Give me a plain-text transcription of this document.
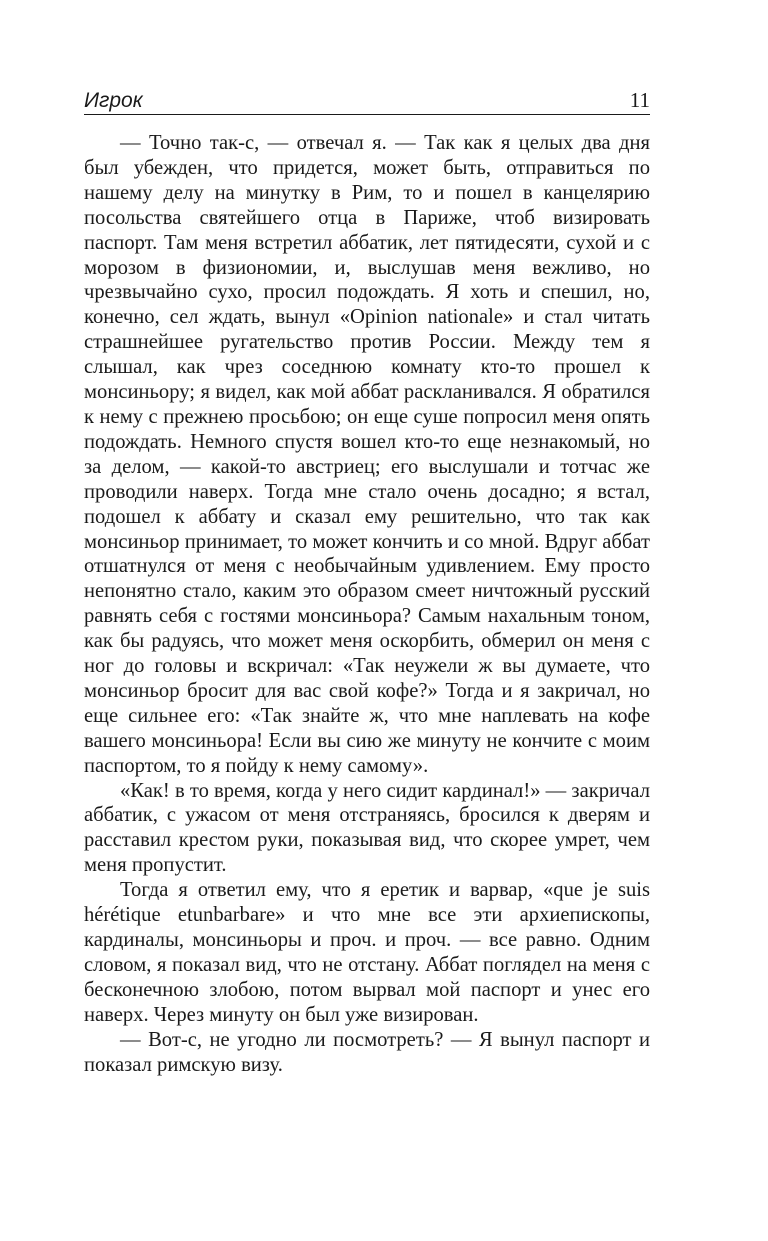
Игрок	11

— Точно так-с, — отвечал я. — Так как я целых два дня был убежден, что придется, может быть, отправиться по нашему делу на минутку в Рим, то и пошел в канцелярию посольства святейшего отца в Париже, чтоб визировать паспорт. Там меня встретил аббатик, лет пятидесяти, сухой и с морозом в физиономии, и, выслушав меня вежливо, но чрезвычайно сухо, просил подождать. Я хоть и спешил, но, конечно, сел ждать, вынул «Opinion nationale» и стал читать страшнейшее ругательство против России. Между тем я слышал, как чрез соседнюю комнату кто-то прошел к монсиньору; я видел, как мой аббат раскланивался. Я обратился к нему с прежнею просьбою; он еще суше попросил меня опять подождать. Немного спустя вошел кто-то еще незнакомый, но за делом, — какой-то австриец; его выслушали и тотчас же проводили наверх. Тогда мне стало очень досадно; я встал, подошел к аббату и сказал ему решительно, что так как монсиньор принимает, то может кончить и со мной. Вдруг аббат отшатнулся от меня с необычайным удивлением. Ему просто непонятно стало, каким это образом смеет ничтожный русский равнять себя с гостями монсиньора? Самым нахальным тоном, как бы радуясь, что может меня оскорбить, обмерил он меня с ног до головы и вскричал: «Так неужели ж вы думаете, что монсиньор бросит для вас свой кофе?» Тогда и я закричал, но еще сильнее его: «Так знайте ж, что мне наплевать на кофе вашего монсиньора! Если вы сию же минуту не кончите с моим паспортом, то я пойду к нему самому».

«Как! в то время, когда у него сидит кардинал!» — закричал аббатик, с ужасом от меня отстраняясь, бросился к дверям и расставил крестом руки, показывая вид, что скорее умрет, чем меня пропустит.

Тогда я ответил ему, что я еретик и варвар, «que je suis hérétique etunbarbare» и что мне все эти архиепископы, кардиналы, монсиньоры и проч. и проч. — все равно. Одним словом, я показал вид, что не отстану. Аббат поглядел на меня с бесконечною злобою, потом вырвал мой паспорт и унес его наверх. Через минуту он был уже визирован.

— Вот-с, не угодно ли посмотреть? — Я вынул паспорт и показал римскую визу.
